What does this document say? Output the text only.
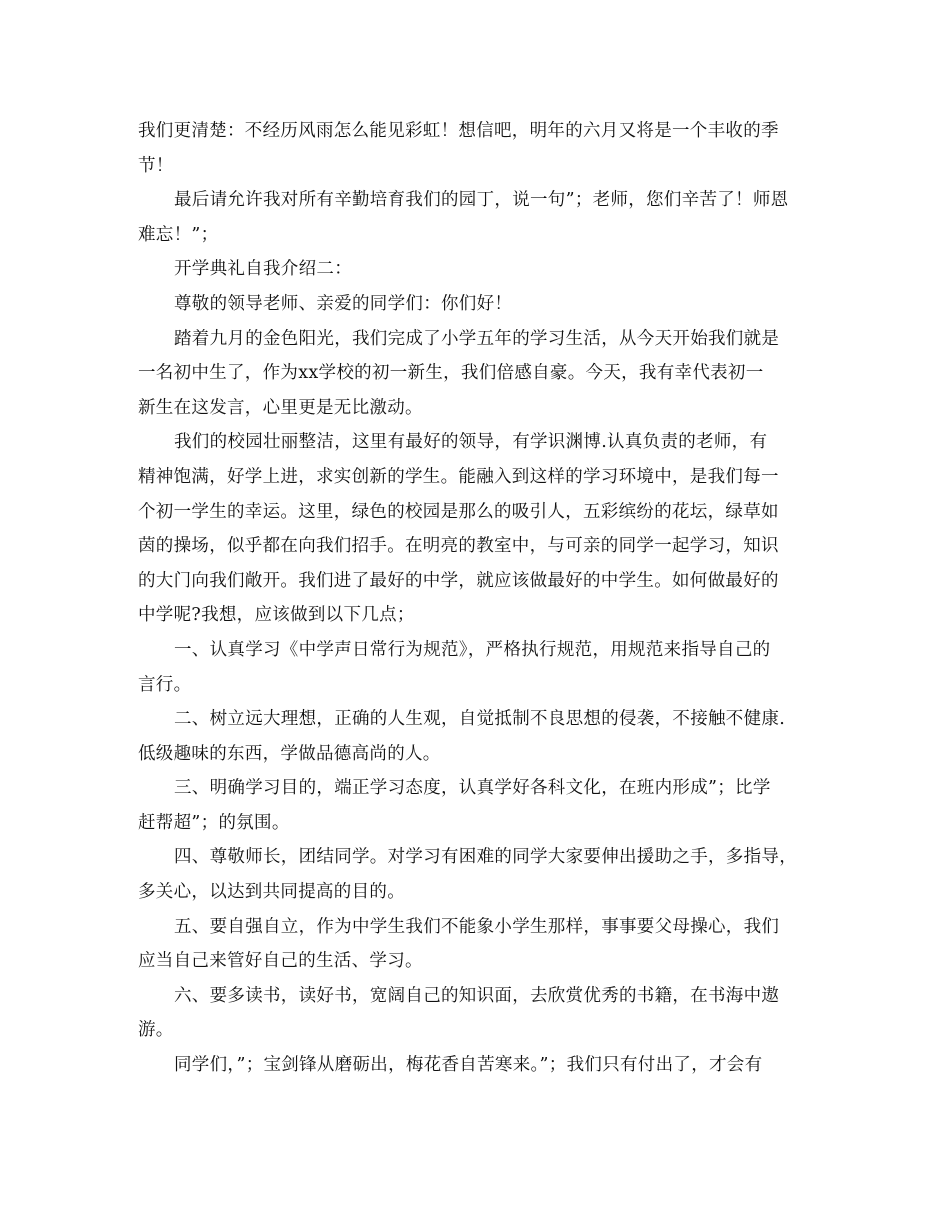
我们更清楚：不经历风雨怎么能见彩虹！想信吧，明年的六月又将是一个丰收的季
节！

最后请允许我对所有辛勤培育我们的园丁，说一句”；老师，您们辛苦了！师恩
难忘！”；

开学典礼自我介绍二：

尊敬的领导老师、亲爱的同学们：你们好！

踏着九月的金色阳光，我们完成了小学五年的学习生活，从今天开始我们就是
一名初中生了，作为xx学校的初一新生，我们倍感自豪。今天，我有幸代表初一
新生在这发言，心里更是无比激动。

我们的校园壮丽整洁，这里有最好的领导，有学识渊博.认真负责的老师，有
精神饱满，好学上进，求实创新的学生。能融入到这样的学习环境中，是我们每一
个初一学生的幸运。这里，绿色的校园是那么的吸引人，五彩缤纷的花坛，绿草如
茵的操场，似乎都在向我们招手。在明亮的教室中，与可亲的同学一起学习，知识
的大门向我们敞开。我们进了最好的中学，就应该做最好的中学生。如何做最好的
中学呢?我想，应该做到以下几点；

一、认真学习《中学声日常行为规范》，严格执行规范，用规范来指导自己的
言行。

二、树立远大理想，正确的人生观，自觉抵制不良思想的侵袭，不接触不健康.
低级趣味的东西，学做品德高尚的人。

三、明确学习目的，端正学习态度，认真学好各科文化，在班内形成”；比学
赶帮超”；的氛围。

四、尊敬师长，团结同学。对学习有困难的同学大家要伸出援助之手，多指导，
多关心，以达到共同提高的目的。

五、要自强自立，作为中学生我们不能象小学生那样，事事要父母操心，我们
应当自己来管好自己的生活、学习。

六、要多读书，读好书，宽阔自己的知识面，去欣赏优秀的书籍，在书海中遨
游。

同学们，”；宝剑锋从磨砺出，梅花香自苦寒来。”；我们只有付出了，才会有
